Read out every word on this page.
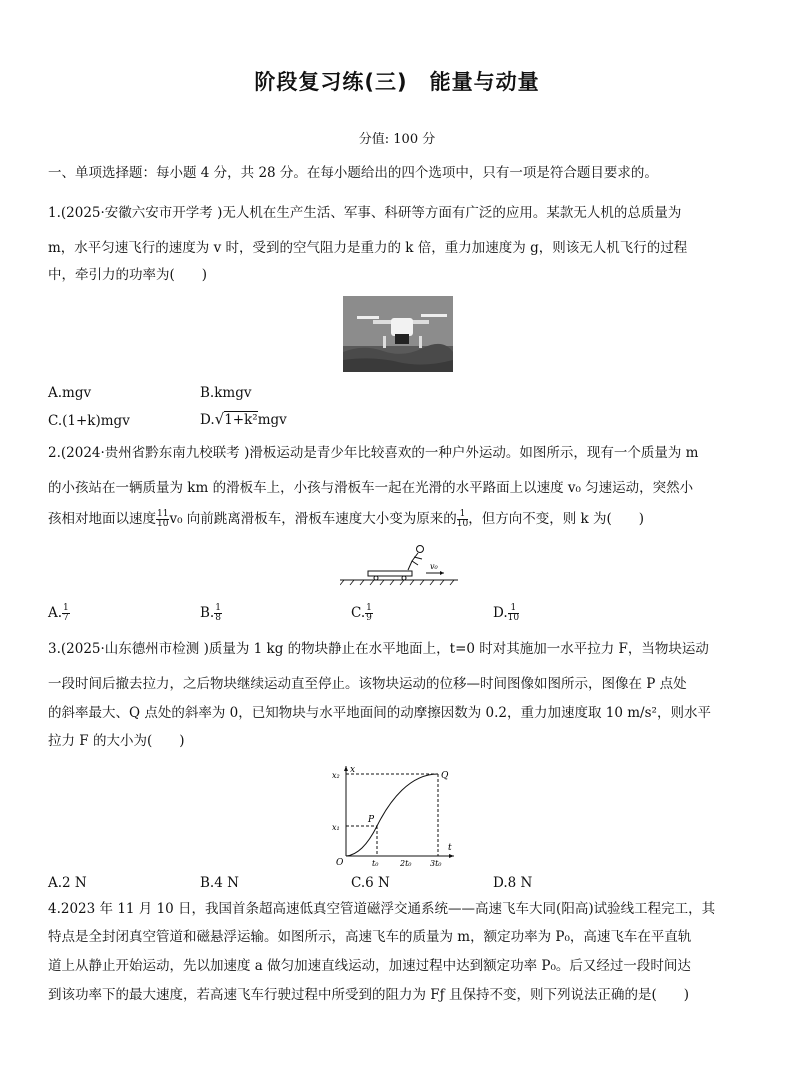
阶段复习练(三)　能量与动量
分值: 100 分
一、单项选择题：每小题 4 分，共 28 分。在每小题给出的四个选项中，只有一项是符合题目要求的。
1.(2025·安徽六安市开学考 )无人机在生产生活、军事、科研等方面有广泛的应用。某款无人机的总质量为
m，水平匀速飞行的速度为 v 时，受到的空气阻力是重力的 k 倍，重力加速度为 g，则该无人机飞行的过程
中，牵引力的功率为(　　)
A.mgv	B.kmgv
C.(1+k)mgv	D.√1+k²mgv
2.(2024·贵州省黔东南九校联考 )滑板运动是青少年比较喜欢的一种户外运动。如图所示，现有一个质量为 m
的小孩站在一辆质量为 km 的滑板车上，小孩与滑板车一起在光滑的水平路面上以速度 v₀ 匀速运动，突然小
孩相对地面以速度 $\frac{11}{10} v_0$ 向前跳离滑板车，滑板车速度大小变为原来的 $\frac{1}{10}$ ，但方向不变，则 k 为(　　)
v₀
A. $\frac{1}{7}$	B. $\frac{1}{8}$	C. $\frac{1}{9}$	D. $\frac{1}{10}$
3.(2025·山东德州市检测 )质量为 1 kg 的物块静止在水平地面上，t=0 时对其施加一水平拉力 F，当物块运动
一段时间后撤去拉力，之后物块继续运动直至停止。该物块运动的位移—时间图像如图所示，图像在 P 点处
的斜率最大、Q 点处的斜率为 0，已知物块与水平地面间的动摩擦因数为 0.2，重力加速度取 10 m/s²，则水平
拉力 F 的大小为(　　)
x
t
O
x₂
x₁
P
Q
t₀	2t₀ 3t₀
A.2 N	B.4 N	C.6 N	D.8 N
4.2023 年 11 月 10 日，我国首条超高速低真空管道磁浮交通系统——高速飞车大同(阳高)试验线工程完工，其
特点是全封闭真空管道和磁悬浮运输。如图所示，高速飞车的质量为 m，额定功率为 P₀，高速飞车在平直轨
道上从静止开始运动，先以加速度 a 做匀加速直线运动，加速过程中达到额定功率 P₀。后又经过一段时间达
到该功率下的最大速度，若高速飞车行驶过程中所受到的阻力为 Fƒ 且保持不变，则下列说法正确的是(　　)
